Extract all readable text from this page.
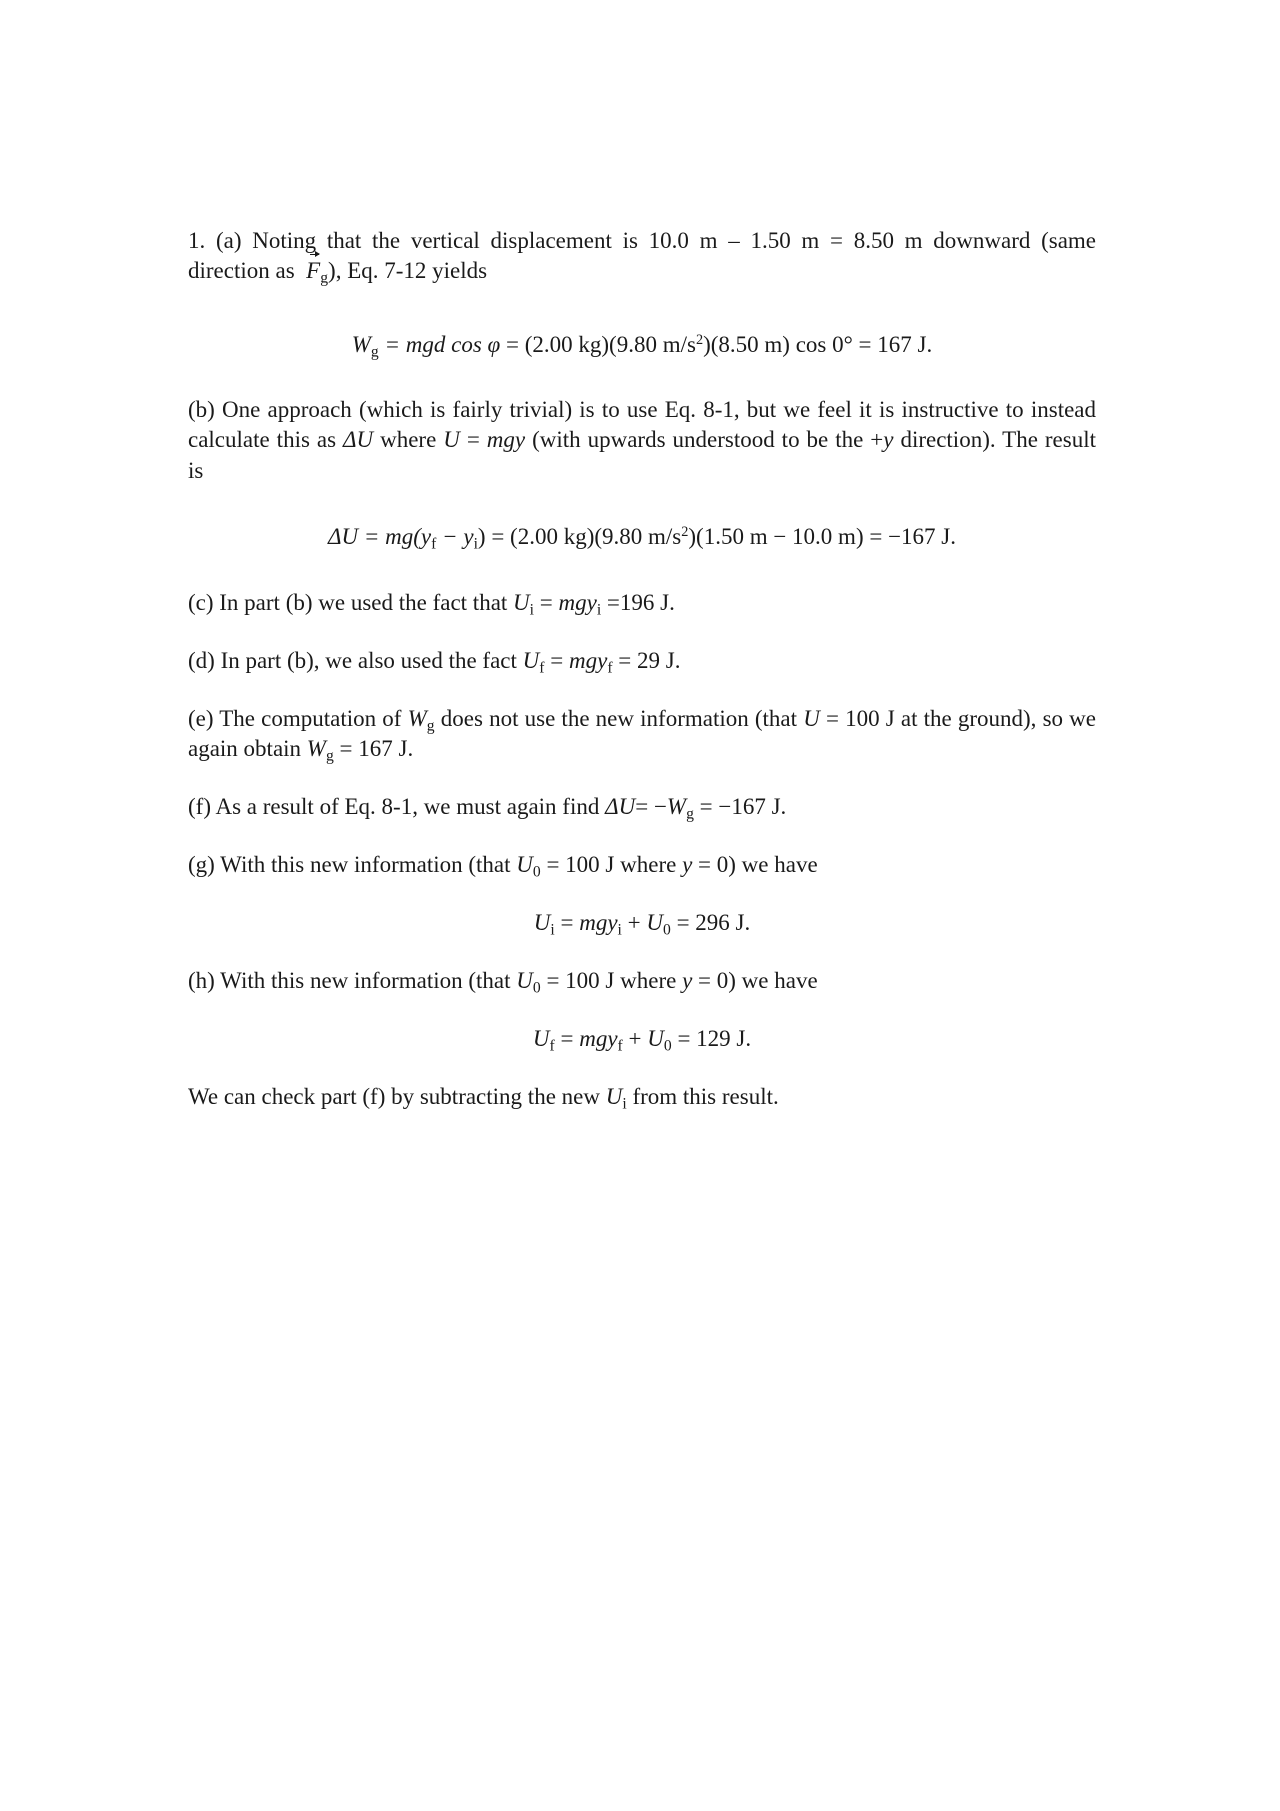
1. (a) Noting that the vertical displacement is 10.0 m – 1.50 m = 8.50 m downward (same direction as $F_g$), Eq. 7-12 yields

$W_g$ = mgd cos φ = (2.00 kg)(9.80 $m/s^2)(8.50$ m) cos 0° = 167 J.

(b) One approach (which is fairly trivial) is to use Eq. 8-1, but we feel it is instructive to instead calculate this as ΔU where U = mgy (with upwards understood to be the +y direction). The result is

$\Delta U = mg(y_f - y_i) = (2.00$ kg)(9.80 $m/s^2)(1.50$ m − 10.0 m) = −167 J.

(c) In part (b) we used the fact that $U_i = mgy_i =196$ J.

(d) In part (b), we also used the fact $U_f = mgy_f = 29$ J.

(e) The computation of $W_g$ does not use the new information (that U = 100 J at the ground), so we again obtain $W_g = 167$ J.

(f) As a result of Eq. 8-1, we must again find $\Delta U= -W_g = -167$ J.

(g) With this new information (that $U_0 = 100$ J where y = 0) we have

$U_i = mgy_i + U_0 = 296$ J.

(h) With this new information (that $U_0 = 100$ J where y = 0) we have

$U_f = mgy_f + U_0 = 129$ J.

We can check part (f) by subtracting the new $U_i$ from this result.
